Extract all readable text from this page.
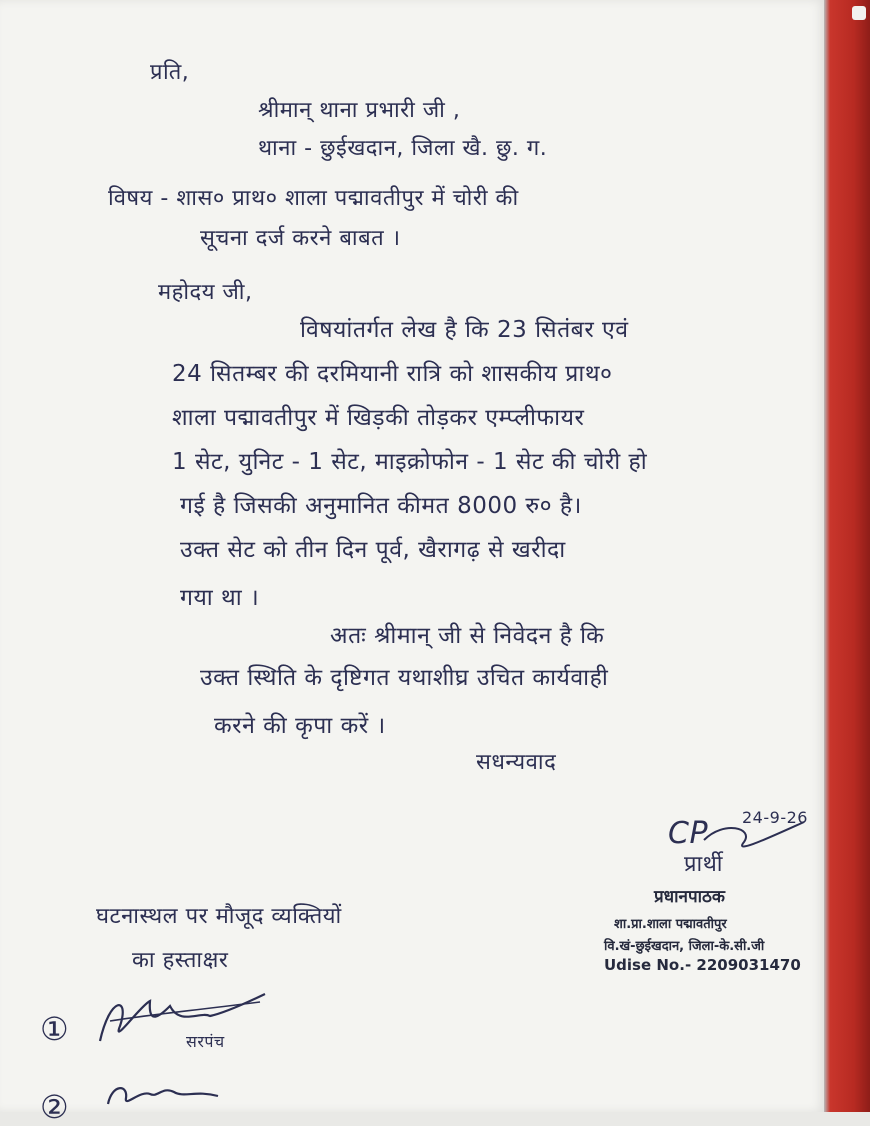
प्रति,
श्रीमान् थाना प्रभारी जी ,
थाना - छुईखदान, जिला खै. छु. ग.
विषय - शास० प्राथ० शाला पद्मावतीपुर में चोरी की
सूचना दर्ज करने बाबत ।
महोदय जी,
विषयांतर्गत लेख है कि 23 सितंबर एवं
24 सितम्बर की दरमियानी रात्रि को शासकीय प्राथ०
शाला पद्मावतीपुर में खिड़की तोड़कर एम्प्लीफायर
1 सेट, युनिट - 1 सेट, माइक्रोफोन - 1 सेट की चोरी हो
गई है जिसकी अनुमानित कीमत 8000 रु० है।
उक्त सेट को तीन दिन पूर्व, खैरागढ़ से खरीदा
गया था ।
अतः श्रीमान् जी से निवेदन है कि
उक्त स्थिति के दृष्टिगत यथाशीघ्र उचित कार्यवाही
करने की कृपा करें ।
सधन्यवाद
CP 24-9-26
प्रार्थी
प्रधानपाठक
शा.प्रा.शाला पद्मावतीपुर
वि.खं-छुईखदान, जिला-के.सी.जी
Udise No.- 2209031470
घटनास्थल पर मौजूद व्यक्तियों
का हस्ताक्षर
①	सरपंच
②
